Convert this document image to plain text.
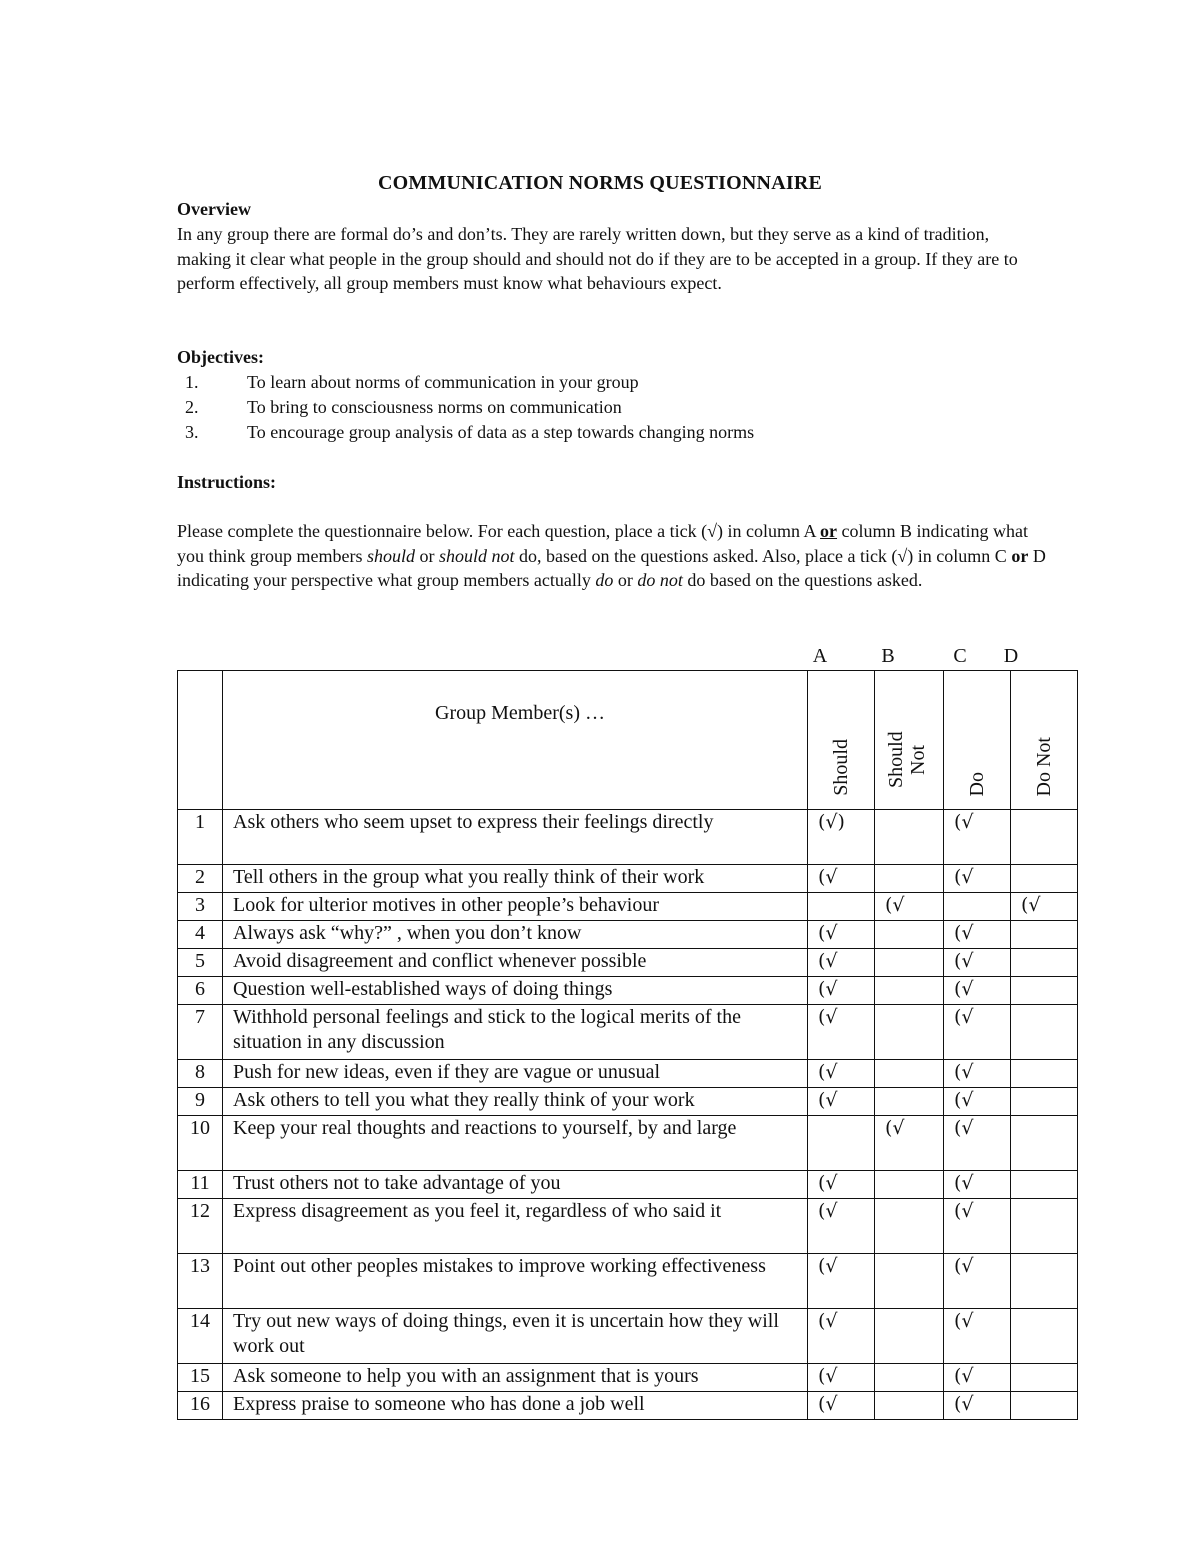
COMMUNICATION NORMS QUESTIONNAIRE
Overview
In any group there are formal do’s and don’ts. They are rarely written down, but they serve as a kind of tradition, making it clear what people in the group should and should not do if they are to be accepted in a group. If they are to perform effectively, all group members must know what behaviours expect.
Objectives:
1.	To learn about norms of communication in your group
2.	To bring to consciousness norms on communication
3.	To encourage group analysis of data as a step towards changing norms
Instructions:
Please complete the questionnaire below. For each question, place a tick (√) in column A or column B indicating what you think group members should or should not do, based on the questions asked. Also, place a tick (√) in column C or D indicating your perspective what group members actually do or do not do based on the questions asked.
A	B	C	D
	Group Member(s) …	Should	Should Not	Do	Do Not
1	Ask others who seem upset to express their feelings directly	(√)		(√	
2	Tell others in the group what you really think of their work	(√		(√	
3	Look for ulterior motives in other people’s behaviour		(√		(√
4	Always ask “why?” , when you don’t know	(√		(√	
5	Avoid disagreement and conflict whenever possible	(√		(√	
6	Question well-established ways of doing things	(√		(√	
7	Withhold personal feelings and stick to the logical merits of the situation in any discussion	(√		(√	
8	Push for new ideas, even if they are vague or unusual	(√		(√	
9	Ask others to tell you what they really think of your work	(√		(√	
10	Keep your real thoughts and reactions to yourself, by and large		(√	(√	
11	Trust others not to take advantage of you	(√		(√	
12	Express disagreement as you feel it, regardless of who said it	(√		(√	
13	Point out other peoples mistakes to improve working effectiveness	(√		(√	
14	Try out new ways of doing things, even it is uncertain how they will work out	(√		(√	
15	Ask someone to help you with an assignment that is yours	(√		(√	
16	Express praise to someone who has done a job well	(√		(√	
